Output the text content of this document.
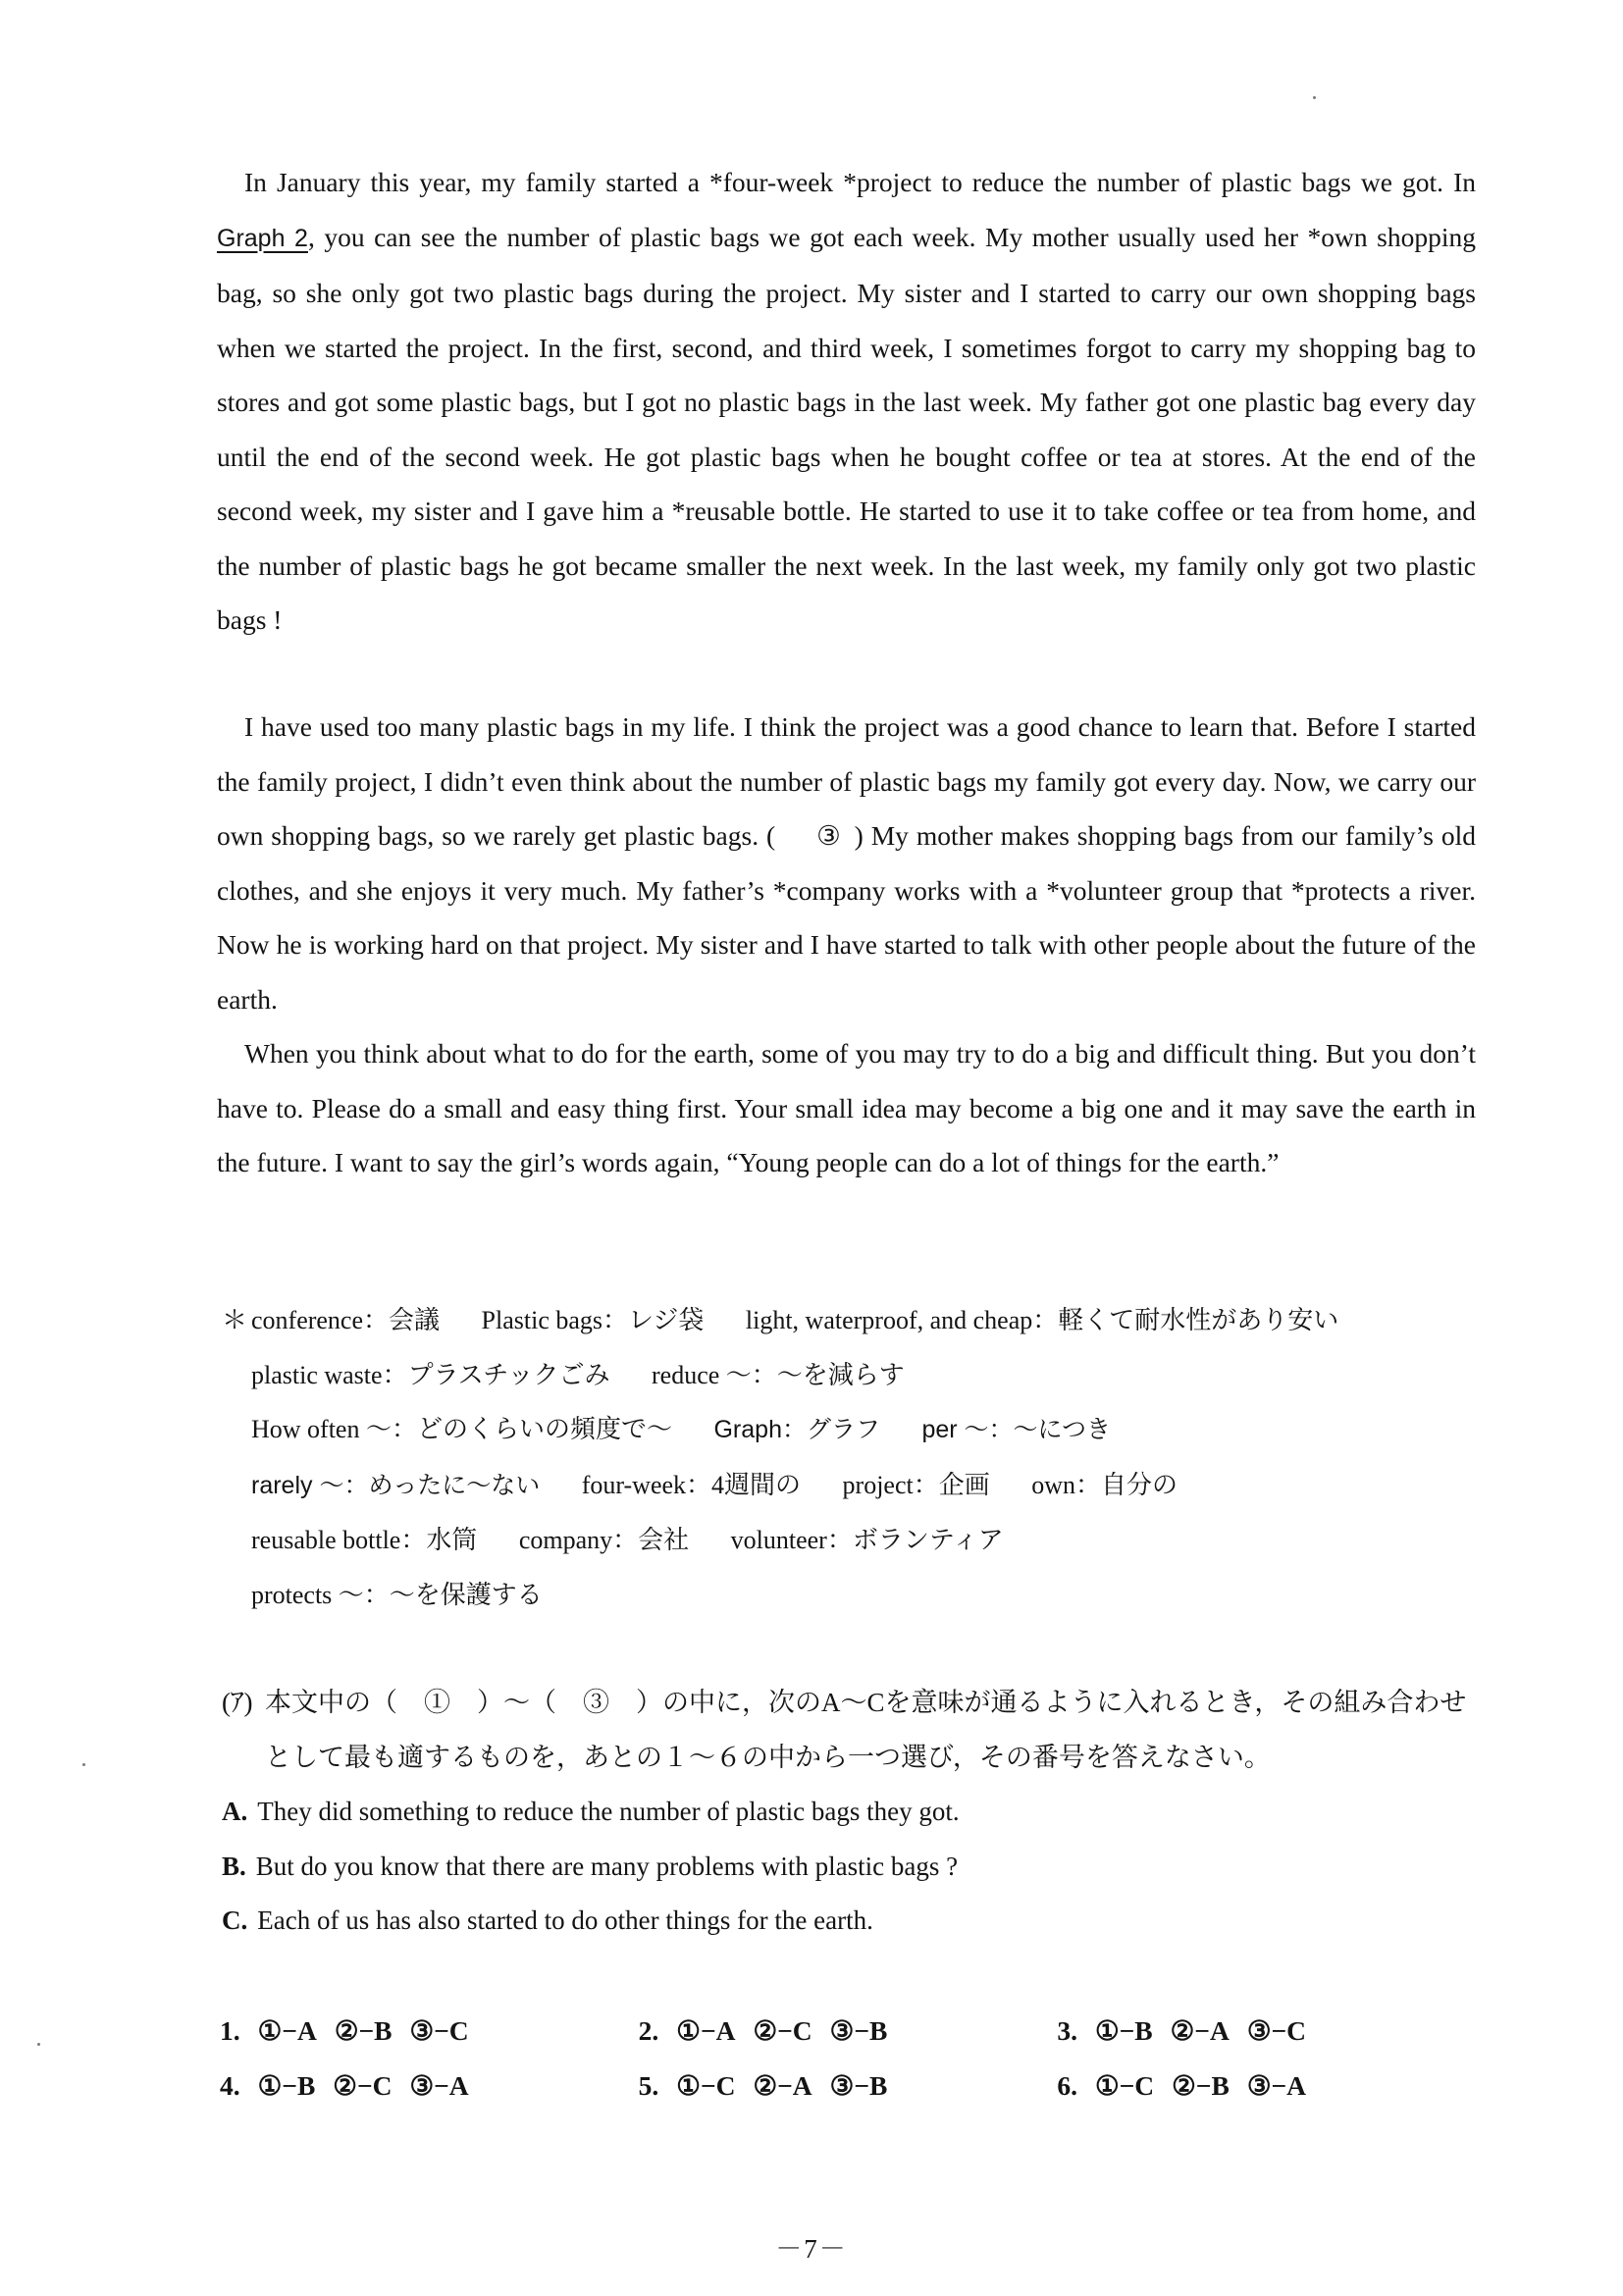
In January this year, my family started a *four-week *project to reduce the number of plastic bags we got. In Graph 2, you can see the number of plastic bags we got each week. My mother usually used her *own shopping bag, so she only got two plastic bags during the project. My sister and I started to carry our own shopping bags when we started the project. In the first, second, and third week, I sometimes forgot to carry my shopping bag to stores and got some plastic bags, but I got no plastic bags in the last week. My father got one plastic bag every day until the end of the second week. He got plastic bags when he bought coffee or tea at stores. At the end of the second week, my sister and I gave him a *reusable bottle. He started to use it to take coffee or tea from home, and the number of plastic bags he got became smaller the next week. In the last week, my family only got two plastic bags !

I have used too many plastic bags in my life. I think the project was a good chance to learn that. Before I started the family project, I didn’t even think about the number of plastic bags my family got every day. Now, we carry our own shopping bags, so we rarely get plastic bags. ( ③ ) My mother makes shopping bags from our family’s old clothes, and she enjoys it very much. My father’s *company works with a *volunteer group that *protects a river. Now he is working hard on that project. My sister and I have started to talk with other people about the future of the earth.

When you think about what to do for the earth, some of you may try to do a big and difficult thing. But you don’t have to. Please do a small and easy thing first. Your small idea may become a big one and it may save the earth in the future. I want to say the girl’s words again, “Young people can do a lot of things for the earth.”

＊ conference：会議 Plastic bags：レジ袋 light, waterproof, and cheap：軽くて耐水性があり安い
plastic waste：プラスチックごみ reduce ～：～を減らす
How often ～：どのくらいの頻度で～ Graph：グラフ per ～：～につき
rarely ～：めったに～ない four-week：4週間の project：企画 own：自分の
reusable bottle：水筒 company：会社 volunteer：ボランティア
protects ～：～を保護する
(ｱ) 本文中の（　①　）～（　③　）の中に，次のA～Cを意味が通るように入れるとき，その組み合わせとして最も適するものを，あとの１～６の中から一つ選び，その番号を答えなさい。
A. They did something to reduce the number of plastic bags they got.
B. But do you know that there are many problems with plastic bags ?
C. Each of us has also started to do other things for the earth.
1. ①−A ②−B ③−C	2. ①−A ②−C ③−B	3. ①−B ②−A ③−C
4. ①−B ②−C ③−A	5. ①−C ②−A ③−B	6. ①−C ②−B ③−A
－7－
